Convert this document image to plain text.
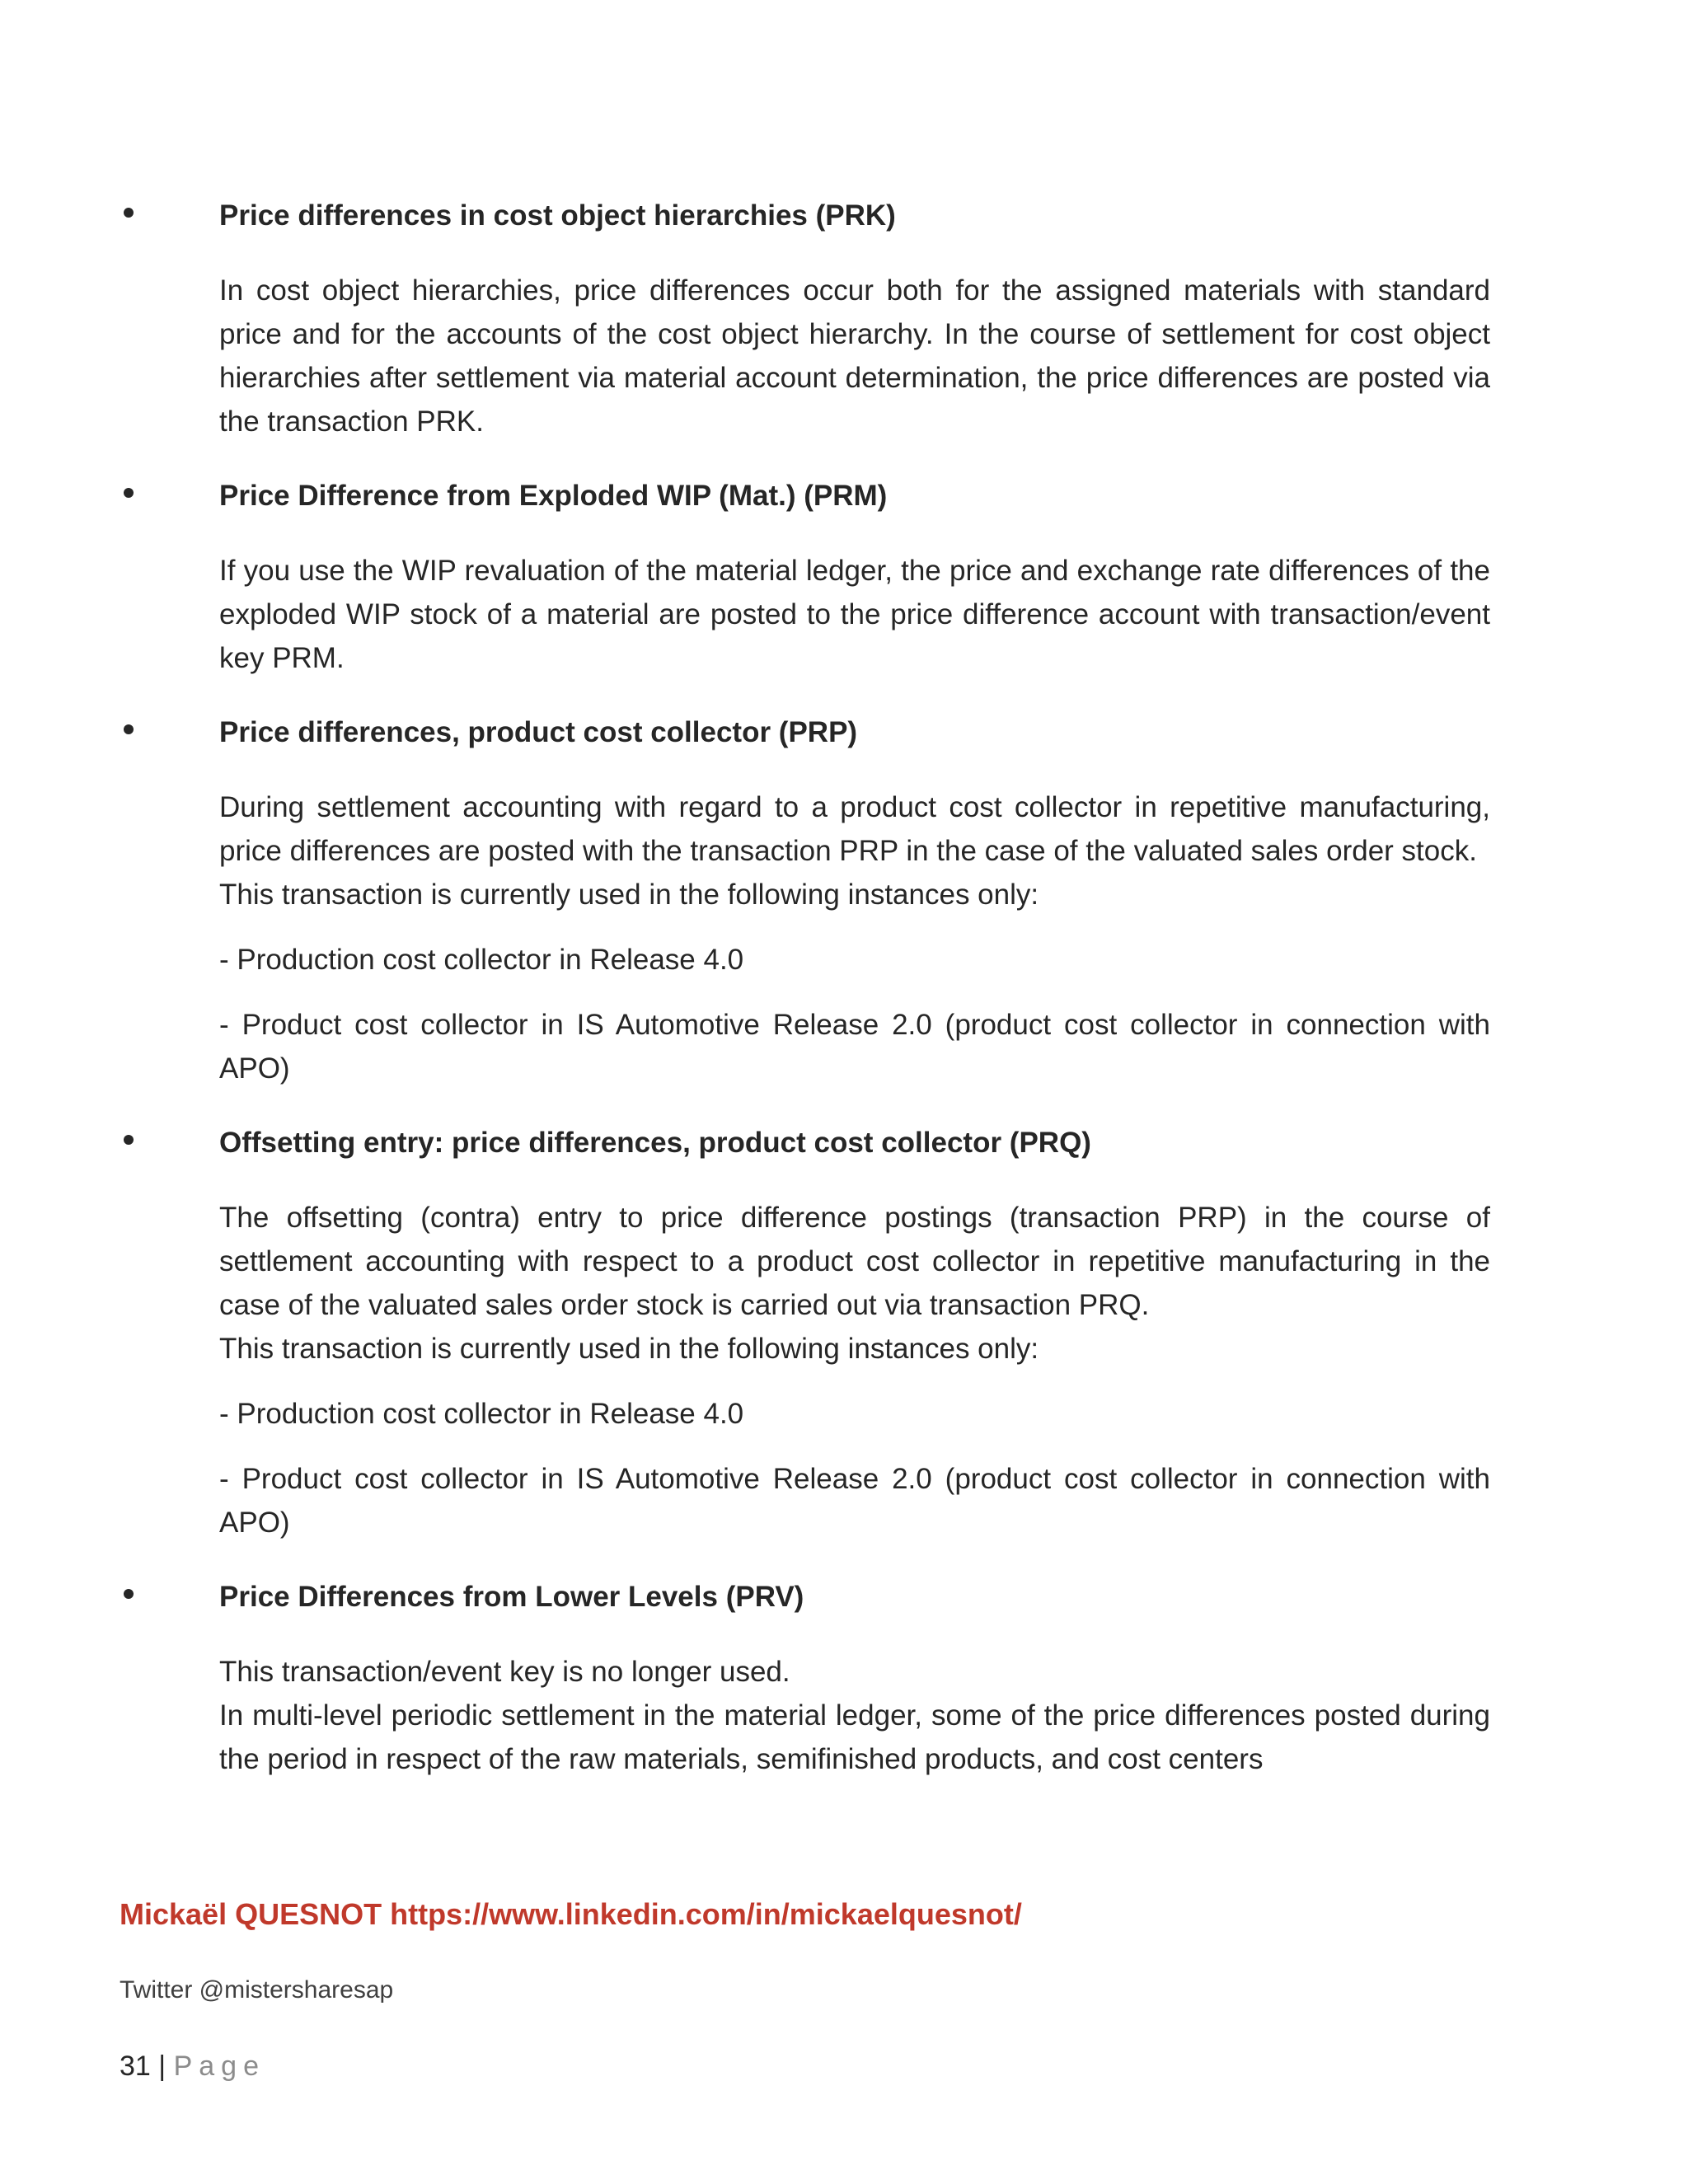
Price differences in cost object hierarchies (PRK)

In cost object hierarchies, price differences occur both for the assigned materials with standard price and for the accounts of the cost object hierarchy. In the course of settlement for cost object hierarchies after settlement via material account determination, the price differences are posted via the transaction PRK.

Price Difference from Exploded WIP (Mat.) (PRM)

If you use the WIP revaluation of the material ledger, the price and exchange rate differences of the exploded WIP stock of a material are posted to the price difference account with transaction/event key PRM.

Price differences, product cost collector (PRP)

During settlement accounting with regard to a product cost collector in repetitive manufacturing, price differences are posted with the transaction PRP in the case of the valuated sales order stock.

This transaction is currently used in the following instances only:

- Production cost collector in Release 4.0

- Product cost collector in IS Automotive Release 2.0 (product cost collector in connection with APO)

Offsetting entry: price differences, product cost collector (PRQ)

The offsetting (contra) entry to price difference postings (transaction PRP) in the course of settlement accounting with respect to a product cost collector in repetitive manufacturing in the case of the valuated sales order stock is carried out via transaction PRQ.

This transaction is currently used in the following instances only:

- Production cost collector in Release 4.0

- Product cost collector in IS Automotive Release 2.0 (product cost collector in connection with APO)

Price Differences from Lower Levels (PRV)

This transaction/event key is no longer used.

In multi-level periodic settlement in the material ledger, some of the price differences posted during the period in respect of the raw materials, semifinished products, and cost centers

Mickaël QUESNOT https://www.linkedin.com/in/mickaelquesnot/
Twitter @mistersharesap
31 | Page
